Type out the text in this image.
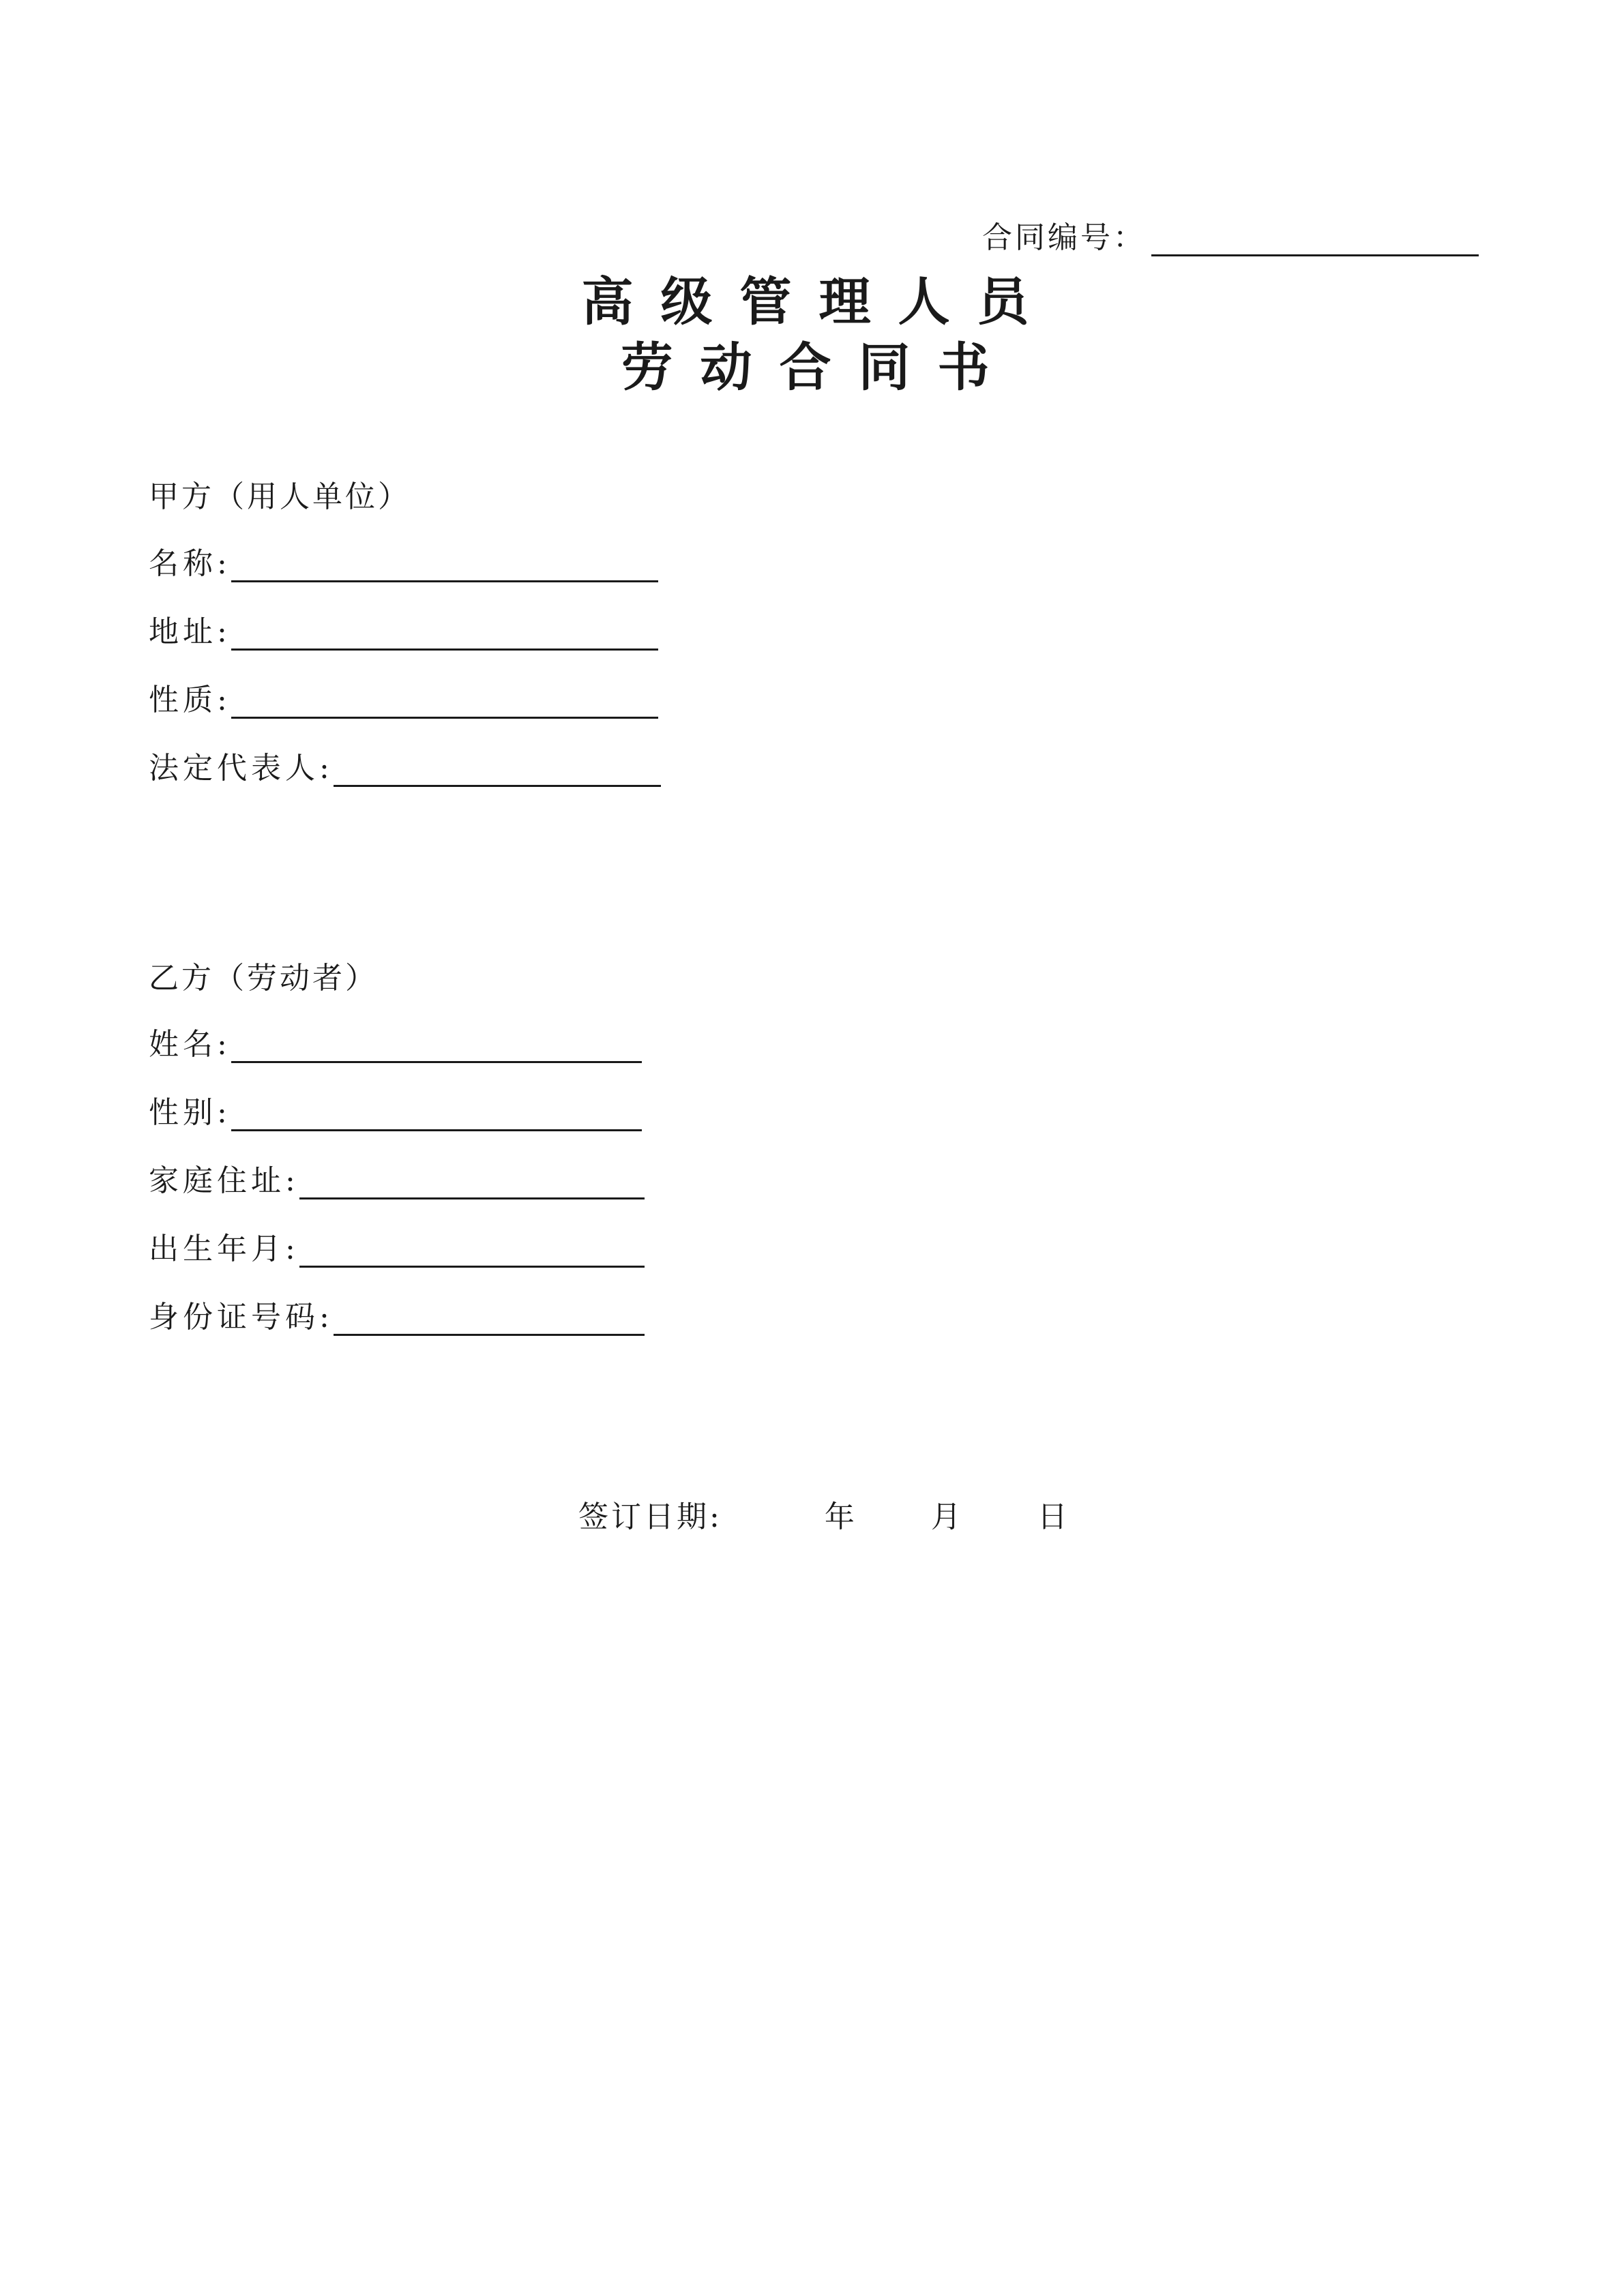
合同编号：
高级管理人员
劳动合同书
甲方（用人单位）
名称:
地址:
性质:
法定代表人:
乙方（劳动者）
姓名:
性别:
家庭住址:
出生年月:
身份证号码:
签订日期:	年 月 日
